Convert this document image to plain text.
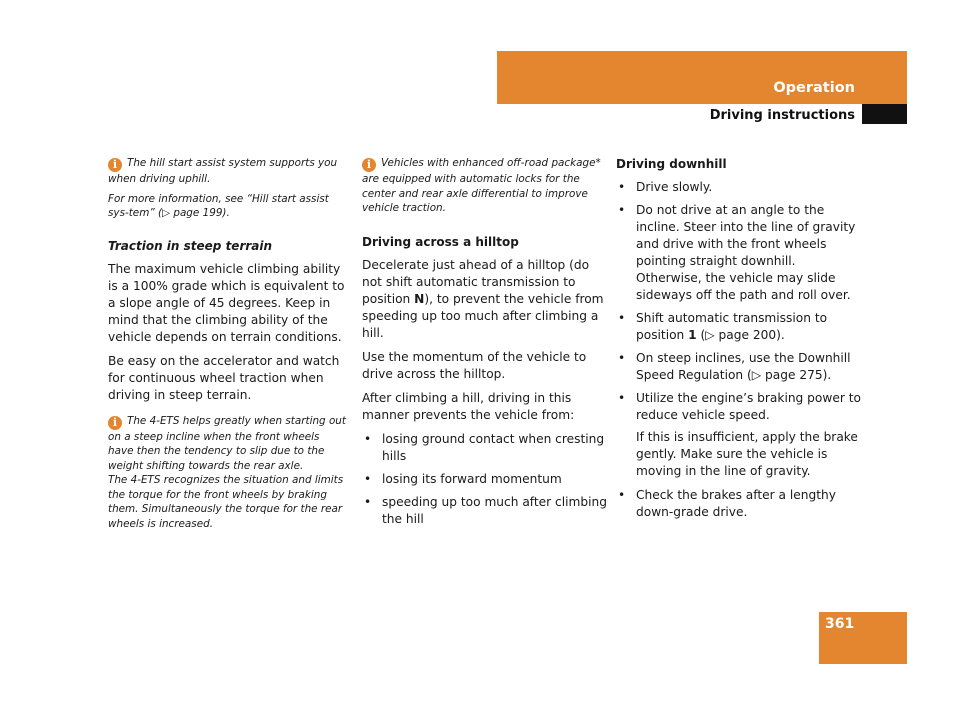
Operation
Driving instructions

i The hill start assist system supports you when driving uphill.

For more information, see “Hill start assist sys-tem” (▷ page 199).

Traction in steep terrain

The maximum vehicle climbing ability is a 100% grade which is equivalent to a slope angle of 45 degrees. Keep in mind that the climbing ability of the vehicle depends on terrain conditions.

Be easy on the accelerator and watch for continuous wheel traction when driving in steep terrain.

i The 4-ETS helps greatly when starting out on a steep incline when the front wheels have then the tendency to slip due to the weight shifting towards the rear axle.

The 4-ETS recognizes the situation and limits the torque for the front wheels by braking them. Simultaneously the torque for the rear wheels is increased.

i Vehicles with enhanced off-road package* are equipped with automatic locks for the center and rear axle differential to improve vehicle traction.

Driving across a hilltop

Decelerate just ahead of a hilltop (do not shift automatic transmission to position N), to prevent the vehicle from speeding up too much after climbing a hill.

Use the momentum of the vehicle to drive across the hilltop.

After climbing a hill, driving in this manner prevents the vehicle from:

• losing ground contact when cresting hills

• losing its forward momentum

• speeding up too much after climbing the hill

Driving downhill

• Drive slowly.

• Do not drive at an angle to the incline. Steer into the line of gravity and drive with the front wheels pointing straight downhill. Otherwise, the vehicle may slide sideways off the path and roll over.

• Shift automatic transmission to position 1 (▷ page 200).

• On steep inclines, use the Downhill Speed Regulation (▷ page 275).

• Utilize the engine’s braking power to reduce vehicle speed.

If this is insufficient, apply the brake gently. Make sure the vehicle is moving in the line of gravity.

• Check the brakes after a lengthy down-grade drive.

361
